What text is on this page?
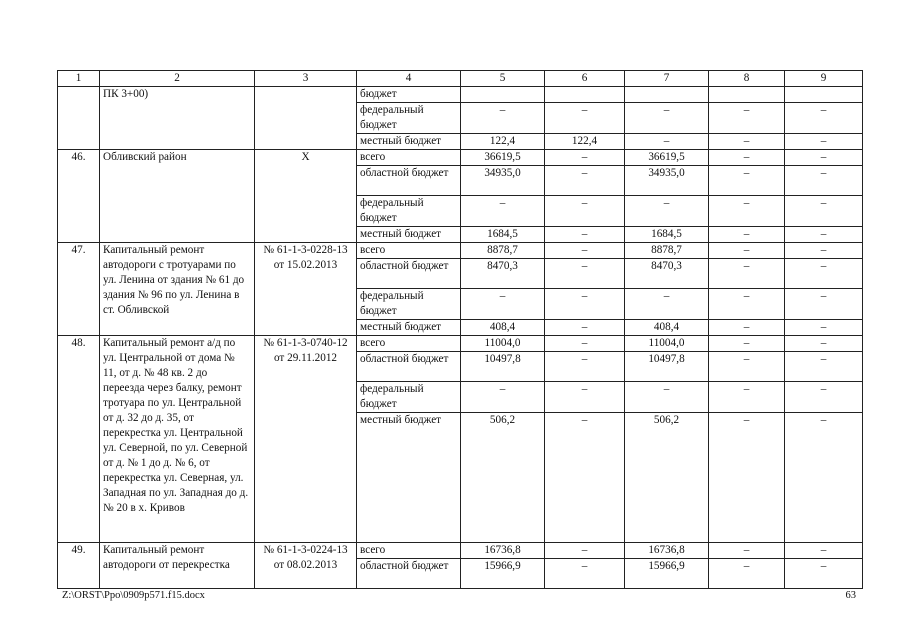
1	2	3	4	5	6	7	8	9
	ПК 3+00)		бюджет					
			федеральный бюджет	–	–	–	–	–
			местный бюджет	122,4	122,4	–	–	–
46.	Обливский район	X	всего	36619,5	–	36619,5	–	–
			областной бюджет	34935,0	–	34935,0	–	–
			федеральный бюджет	–	–	–	–	–
			местный бюджет	1684,5	–	1684,5	–	–
47.	Капитальный ремонт автодороги с тротуарами по ул. Ленина от здания № 61 до здания № 96 по ул. Ленина в ст. Обливской	№ 61-1-3-0228-13 от 15.02.2013	всего	8878,7	–	8878,7	–	–
			областной бюджет	8470,3	–	8470,3	–	–
			федеральный бюджет	–	–	–	–	–
			местный бюджет	408,4	–	408,4	–	–
48.	Капитальный ремонт а/д по ул. Центральной от дома № 11, от д. № 48 кв. 2 до переезда через балку, ремонт тротуара по ул. Центральной от д. 32 до д. 35, от перекрестка ул. Центральной ул. Северной, по ул. Северной от д. № 1 до д. № 6, от перекрестка ул. Северная, ул. Западная по ул. Западная до д. № 20 в х. Кривов	№ 61-1-3-0740-12 от 29.11.2012	всего	11004,0	–	11004,0	–	–
			областной бюджет	10497,8	–	10497,8	–	–
			федеральный бюджет	–	–	–	–	–
			местный бюджет	506,2	–	506,2	–	–
49.	Капитальный ремонт автодороги от перекрестка	№ 61-1-3-0224-13 от 08.02.2013	всего	16736,8	–	16736,8	–	–
			областной бюджет	15966,9	–	15966,9	–	–
Z:\ORST\Ppo\0909p571.f15.docx	63
